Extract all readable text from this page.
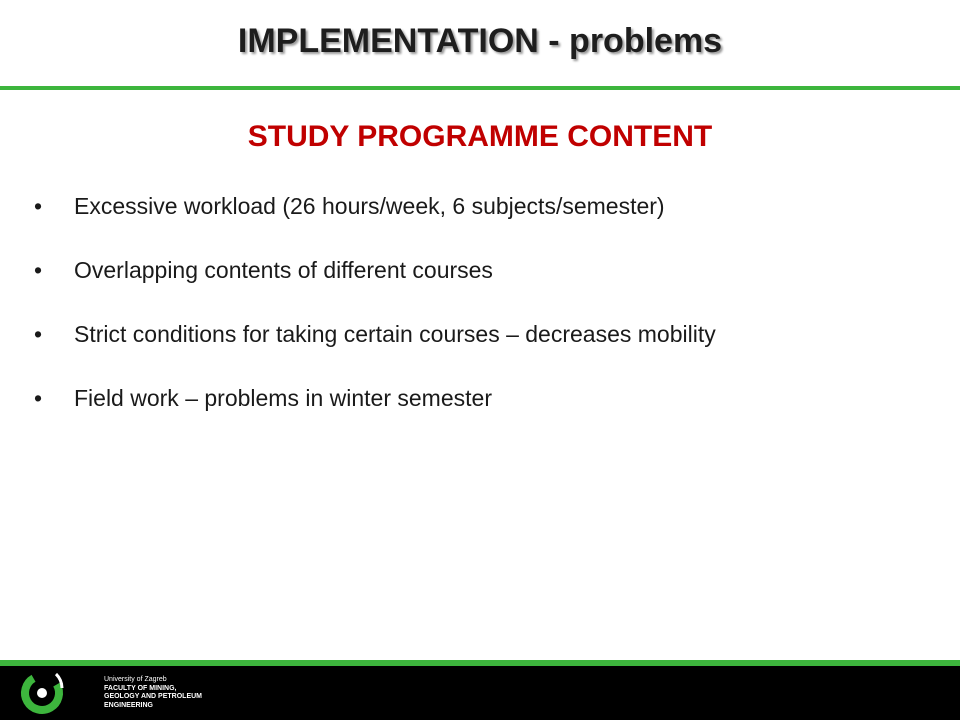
IMPLEMENTATION - problems
STUDY PROGRAMME CONTENT
•	Excessive workload (26 hours/week, 6 subjects/semester)
•	Overlapping contents of different courses
•	Strict conditions for taking certain courses – decreases mobility
•	Field work – problems in winter semester
University of Zagreb
FACULTY OF MINING,
GEOLOGY AND PETROLEUM
ENGINEERING
